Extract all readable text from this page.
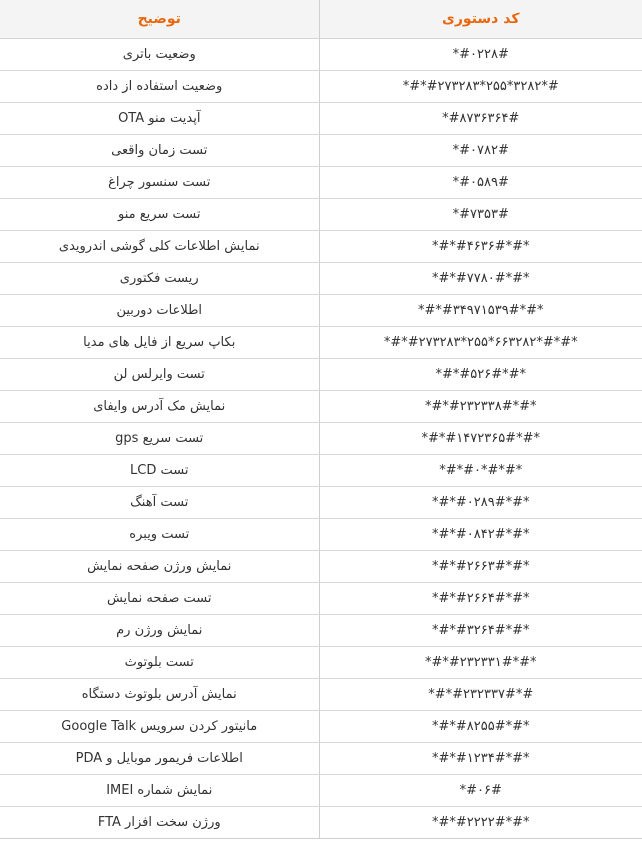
توضیح	کد دستوری
وضعیت باتری	*#۰۲۲۸#
وضعیت استفاده از داده	*#*#۲۷۳۲۸۳*۲۵۵*۳۲۸۲*#
آپدیت منو OTA	*#۸۷۳۶۳۶۴#
تست زمان واقعی	*#۰۷۸۲#
تست سنسور چراغ	*#۰۵۸۹#
تست سریع منو	*#۷۳۵۳#
نمایش اطلاعات کلی گوشی اندرویدی	*#*#۴۶۳۶#*#*
ریست فکتوری	*#*#۷۷۸۰#*#*
اطلاعات دوربین	*#*#۳۴۹۷۱۵۳۹#*#*
بکاپ سریع از فایل های مدیا	*#*#۲۷۳۲۸۳*۲۵۵*۶۶۳۲۸۲*#*#*
تست وایرلس لن	*#*#۵۲۶#*#*
نمایش مک آدرس وایفای	*#*#۲۳۲۳۳۸#*#*
تست سریع gps	*#*#۱۴۷۲۳۶۵#*#*
تست LCD	*#*#۰*#*#*
تست آهنگ	*#*#۰۲۸۹#*#*
تست ویبره	*#*#۰۸۴۲#*#*
نمایش ورژن صفحه نمایش	*#*#۲۶۶۳#*#*
تست صفحه نمایش	*#*#۲۶۶۴#*#*
نمایش ورژن رم	*#*#۳۲۶۴#*#*
تست بلوتوث	*#*#۲۳۲۳۳۱#*#*
نمایش آدرس بلوتوث دستگاه	*#*#۲۳۲۳۳۷#*#
مانیتور کردن سرویس Google Talk	*#*#۸۲۵۵#*#*
اطلاعات فریمور موبایل و PDA	*#*#۱۲۳۴#*#*
نمایش شماره IMEI	*#۰۶#
ورژن سخت افزار FTA	*#*#۲۲۲۲#*#*
